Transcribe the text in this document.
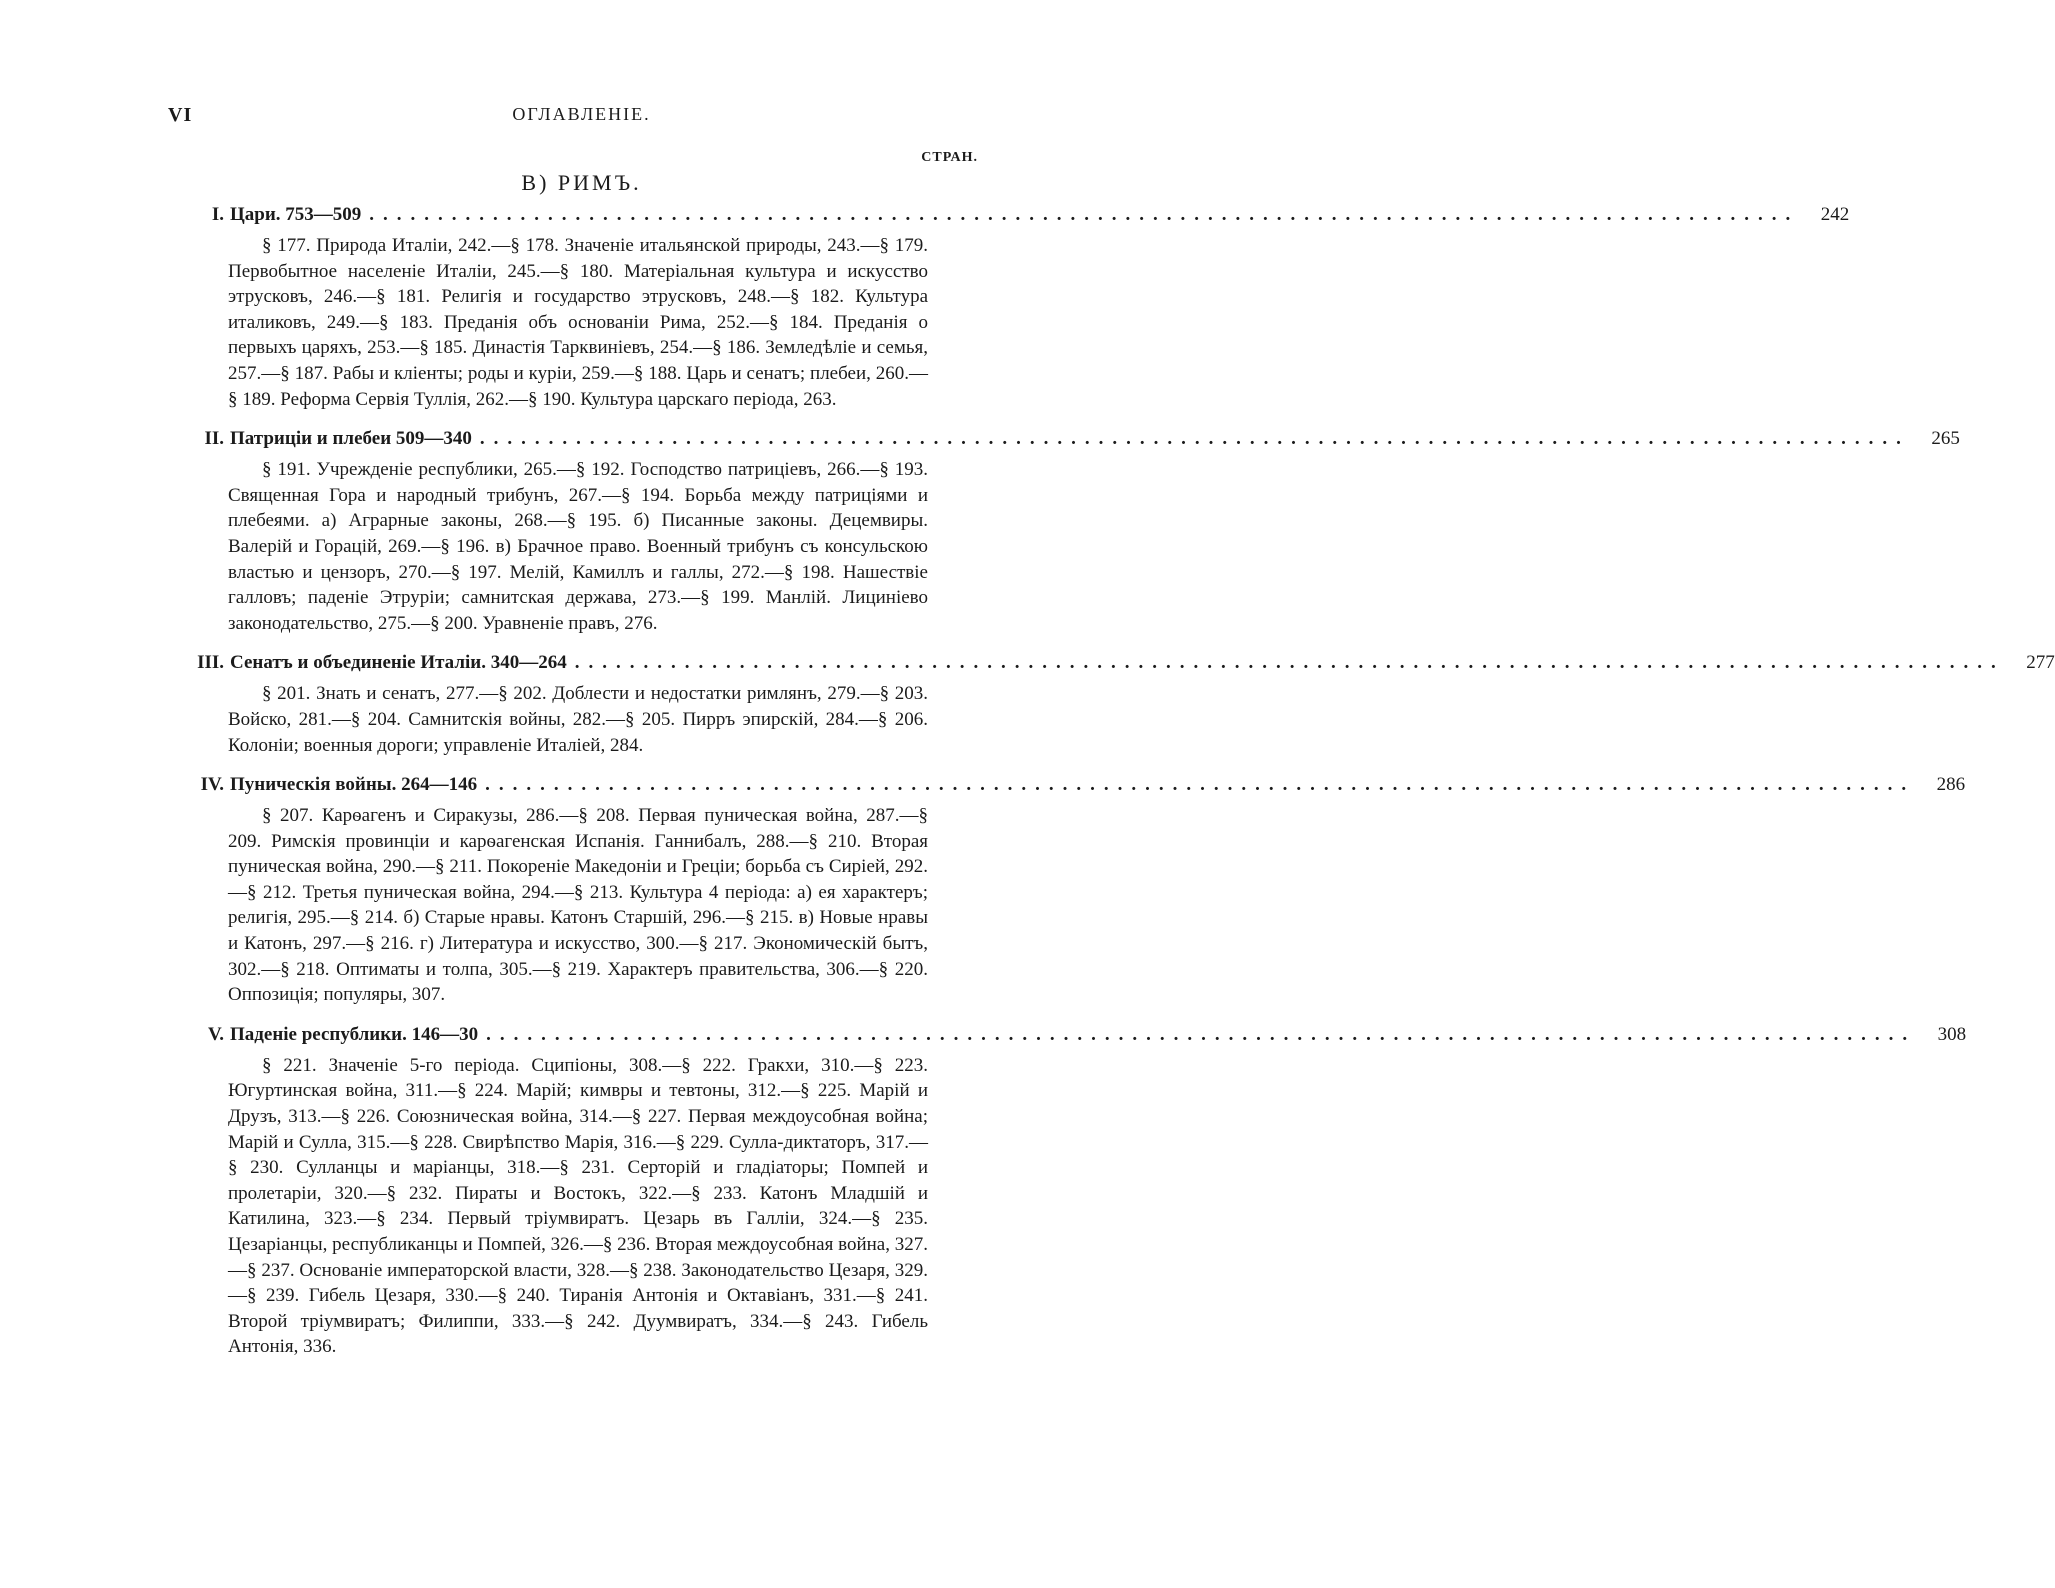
VI	ОГЛАВЛЕНІЕ.
СТРАН.
В) РИМЪ.
I. Цари. 753—509 ........................................................................................................	242

§ 177. Природа Италіи, 242.—§ 178. Значеніе итальянской природы, 243.—§ 179. Первобытное населеніе Италіи, 245.—§ 180. Матеріальная культура и искусство этрусковъ, 246.—§ 181. Религія и государство этрусковъ, 248.—§ 182. Культура италиковъ, 249.—§ 183. Преданія объ основаніи Рима, 252.—§ 184. Преданія о первыхъ царяхъ, 253.—§ 185. Династія Тарквиніевъ, 254.—§ 186. Земледѣліе и семья, 257.—§ 187. Рабы и кліенты; роды и куріи, 259.—§ 188. Царь и сенатъ; плебеи, 260.—§ 189. Реформа Сервія Туллія, 262.—§ 190. Культура царскаго періода, 263.

II. Патриціи и плебеи 509—340 ........................................................................................................	265

§ 191. Учрежденіе республики, 265.—§ 192. Господство патриціевъ, 266.—§ 193. Священная Гора и народный трибунъ, 267.—§ 194. Борьба между патриціями и плебеями. а) Аграрные законы, 268.—§ 195. б) Писанные законы. Децемвиры. Валерій и Горацій, 269.—§ 196. в) Брачное право. Военный трибунъ съ консульскою властью и цензоръ, 270.—§ 197. Мелій, Камиллъ и галлы, 272.—§ 198. Нашествіе галловъ; паденіе Этруріи; самнитская держава, 273.—§ 199. Манлій. Лициніево законодательство, 275.—§ 200. Уравненіе правъ, 276.

III. Сенатъ и объединеніе Италіи. 340—264 ........................................................................................................	277

§ 201. Знать и сенатъ, 277.—§ 202. Доблести и недостатки римлянъ, 279.—§ 203. Войско, 281.—§ 204. Самнитскія войны, 282.—§ 205. Пирръ эпирскій, 284.—§ 206. Колоніи; военныя дороги; управленіе Италіей, 284.

IV. Пуническія войны. 264—146 ........................................................................................................	286

§ 207. Карѳагенъ и Сиракузы, 286.—§ 208. Первая пуническая война, 287.—§ 209. Римскія провинціи и карѳагенская Испанія. Ганнибалъ, 288.—§ 210. Вторая пуническая война, 290.—§ 211. Покореніе Македоніи и Греціи; борьба съ Сиріей, 292.—§ 212. Третья пуническая война, 294.—§ 213. Культура 4 періода: а) ея характеръ; религія, 295.—§ 214. б) Старые нравы. Катонъ Старшій, 296.—§ 215. в) Новые нравы и Катонъ, 297.—§ 216. г) Литература и искусство, 300.—§ 217. Экономическій бытъ, 302.—§ 218. Оптиматы и толпа, 305.—§ 219. Характеръ правительства, 306.—§ 220. Оппозиція; популяры, 307.

V. Паденіе республики. 146—30 ........................................................................................................	308

§ 221. Значеніе 5-го періода. Сципіоны, 308.—§ 222. Гракхи, 310.—§ 223. Югуртинская война, 311.—§ 224. Марій; кимвры и тевтоны, 312.—§ 225. Марій и Друзъ, 313.—§ 226. Союзническая война, 314.—§ 227. Первая междоусобная война; Марій и Сулла, 315.—§ 228. Свирѣпство Марія, 316.—§ 229. Сулла-диктаторъ, 317.—§ 230. Сулланцы и маріанцы, 318.—§ 231. Серторій и гладіаторы; Помпей и пролетаріи, 320.—§ 232. Пираты и Востокъ, 322.—§ 233. Катонъ Младшій и Катилина, 323.—§ 234. Первый тріумвиратъ. Цезарь въ Галліи, 324.—§ 235. Цезаріанцы, республиканцы и Помпей, 326.—§ 236. Вторая междоусобная война, 327.—§ 237. Основаніе императорской власти, 328.—§ 238. Законодательство Цезаря, 329.—§ 239. Гибель Цезаря, 330.—§ 240. Тиранія Антонія и Октавіанъ, 331.—§ 241. Второй тріумвиратъ; Филиппи, 333.—§ 242. Дуумвиратъ, 334.—§ 243. Гибель Антонія, 336.
